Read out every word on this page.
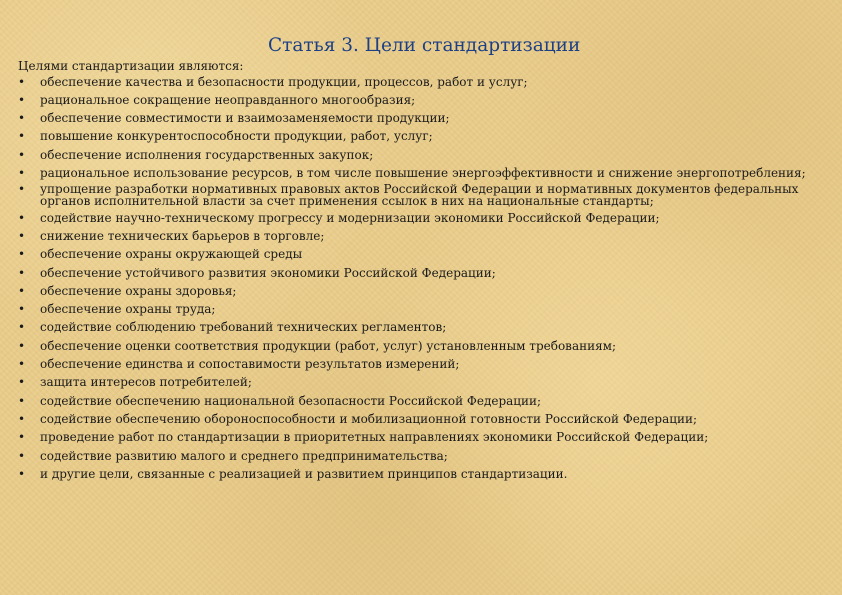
Статья 3. Цели стандартизации
Целями стандартизации являются:
• обеспечение качества и безопасности продукции, процессов, работ и услуг;
• рациональное сокращение неоправданного многообразия;
• обеспечение совместимости и взаимозаменяемости продукции;
• повышение конкурентоспособности продукции, работ, услуг;
• обеспечение исполнения государственных закупок;
• рациональное использование ресурсов, в том числе повышение энергоэффективности и снижение энергопотребления;
• упрощение разработки нормативных правовых актов Российской Федерации и нормативных документов федеральных органов исполнительной власти за счет применения ссылок в них на национальные стандарты;
• содействие научно-техническому прогрессу и модернизации экономики Российской Федерации;
• снижение технических барьеров в торговле;
• обеспечение охраны окружающей среды
• обеспечение устойчивого развития экономики Российской Федерации;
• обеспечение охраны здоровья;
• обеспечение охраны труда;
• содействие соблюдению требований технических регламентов;
• обеспечение оценки соответствия продукции (работ, услуг) установленным требованиям;
• обеспечение единства и сопоставимости результатов измерений;
• защита интересов потребителей;
• содействие обеспечению национальной безопасности Российской Федерации;
• содействие обеспечению обороноспособности и мобилизационной готовности Российской Федерации;
• проведение работ по стандартизации в приоритетных направлениях экономики Российской Федерации;
• содействие развитию малого и среднего предпринимательства;
• и другие цели, связанные с реализацией и развитием принципов стандартизации.
